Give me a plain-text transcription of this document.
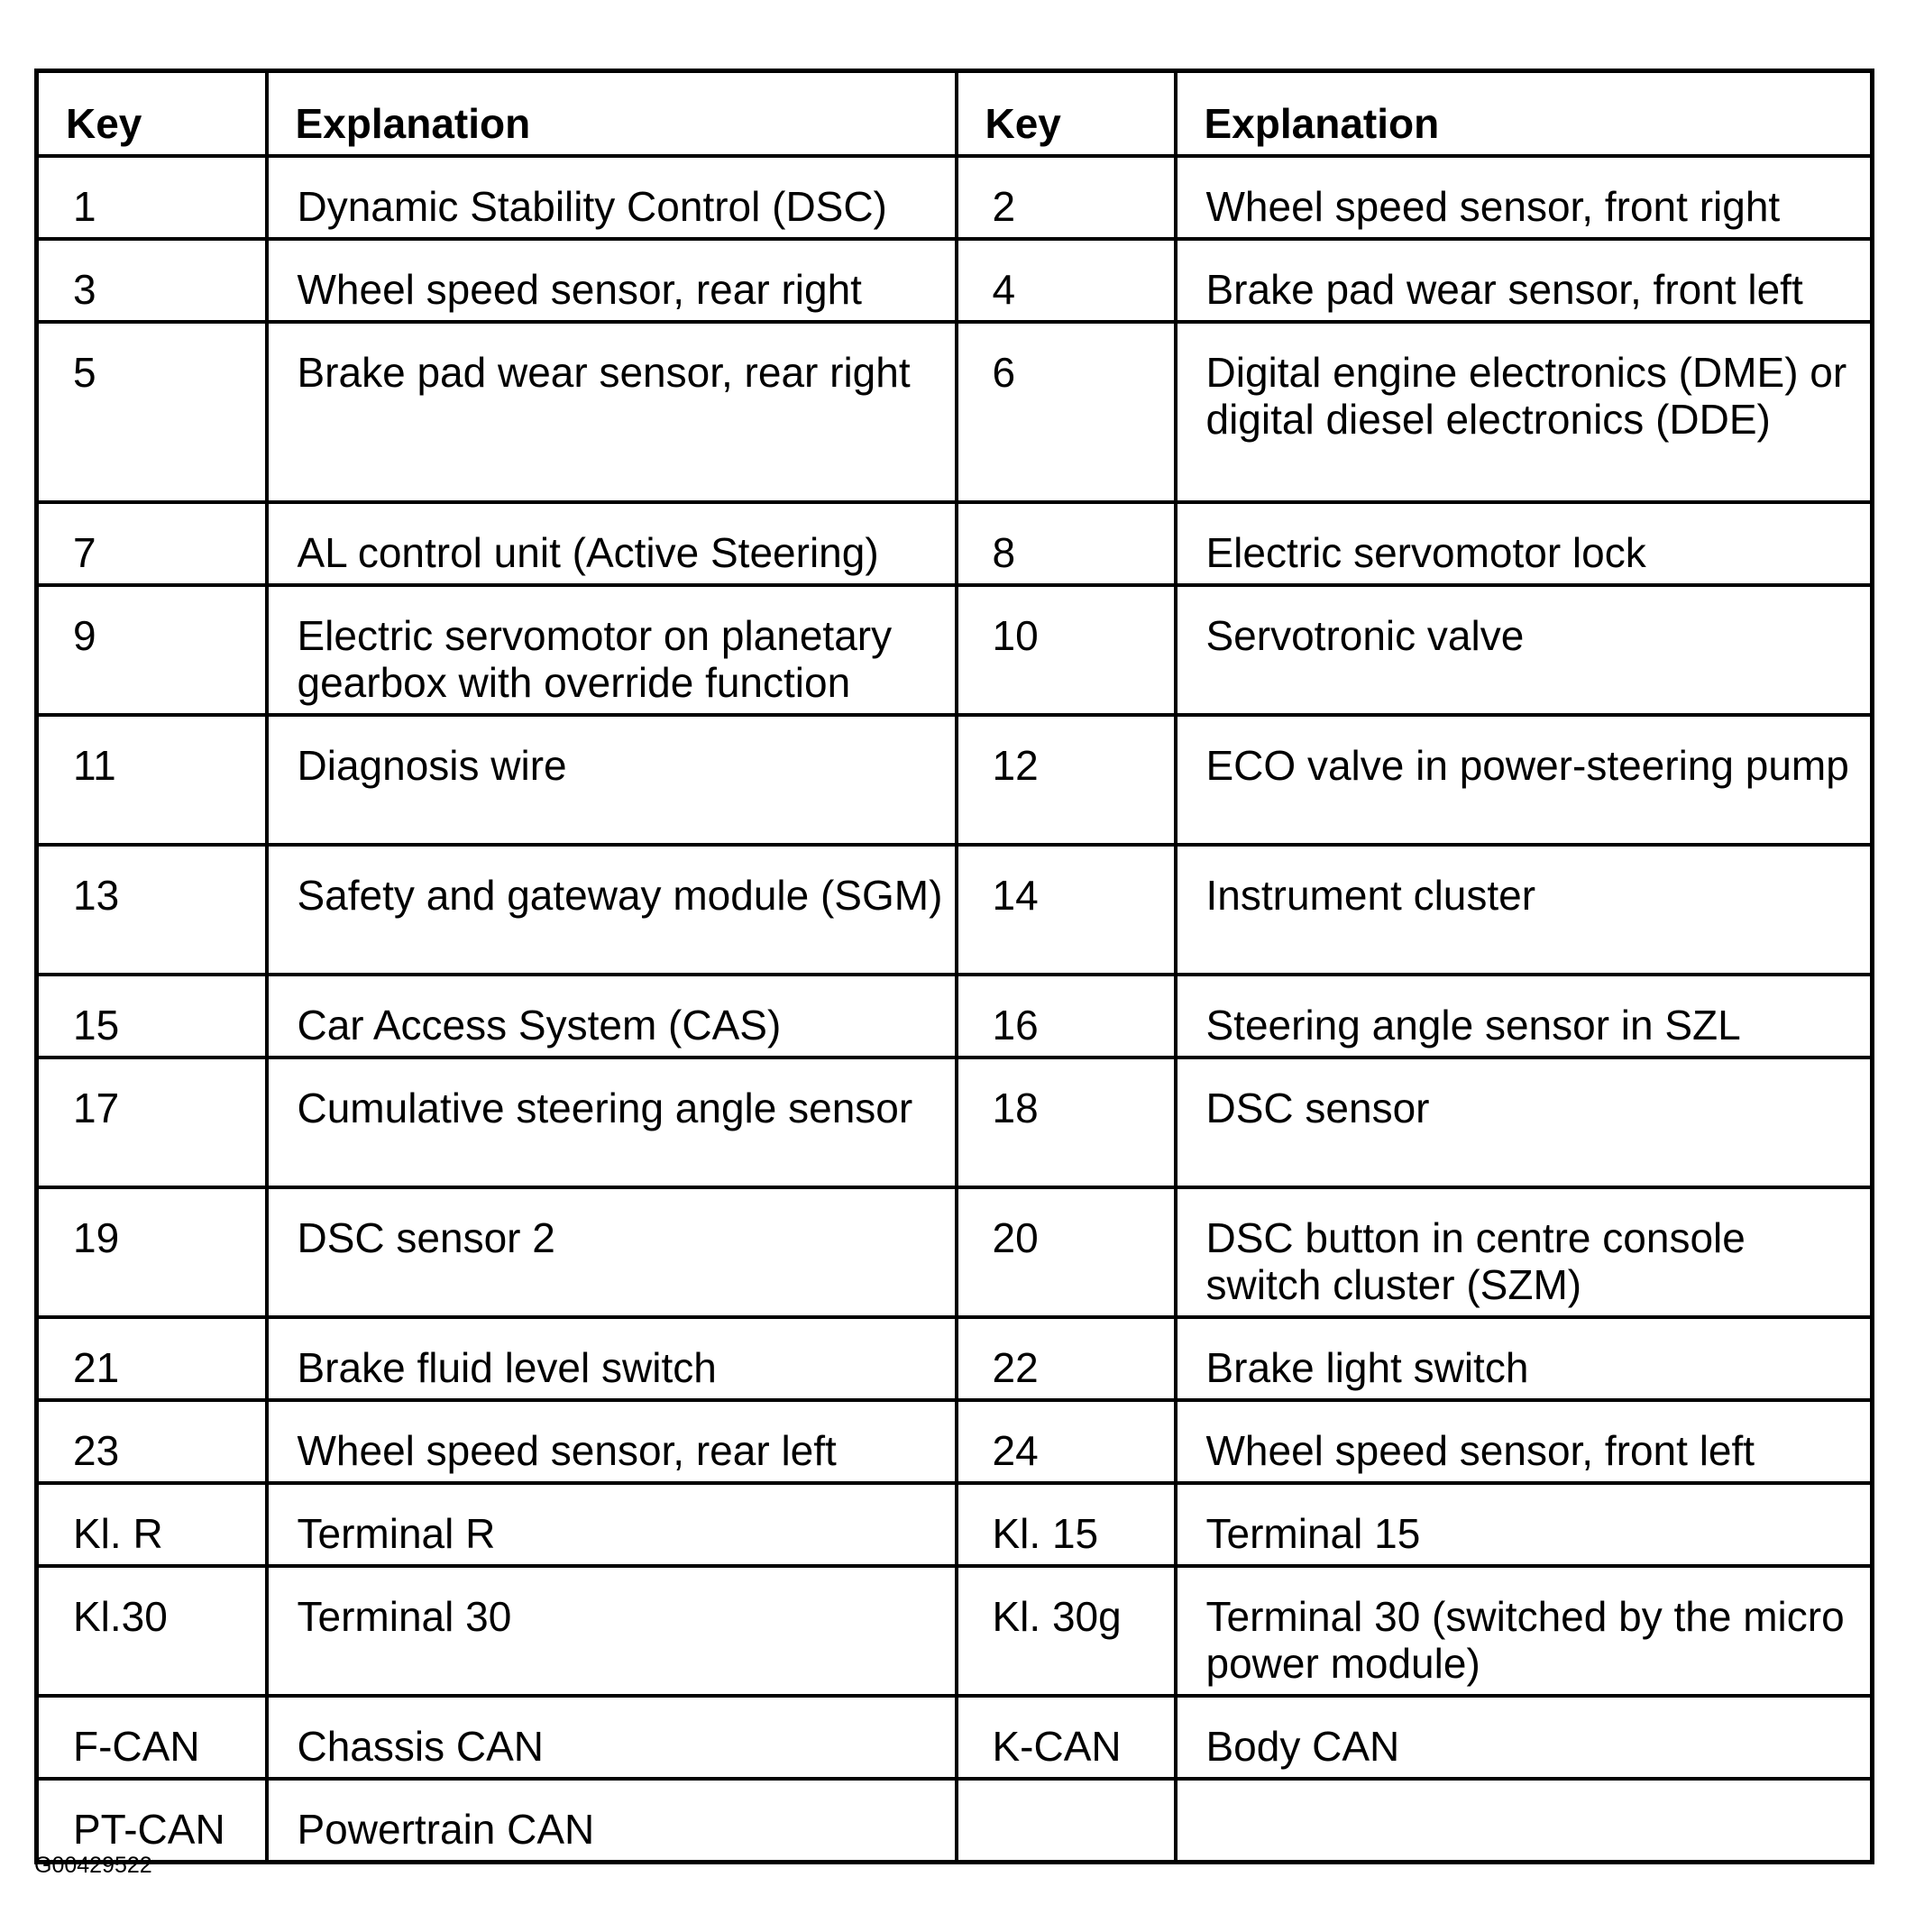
Key	Explanation	Key	Explanation
1	Dynamic Stability Control (DSC)	2	Wheel speed sensor, front right
3	Wheel speed sensor, rear right	4	Brake pad wear sensor, front left
5	Brake pad wear sensor, rear right	6	Digital engine electronics (DME) or digital diesel electronics (DDE)
7	AL control unit (Active Steering)	8	Electric servomotor lock
9	Electric servomotor on planetary gearbox with override function	10	Servotronic valve
11	Diagnosis wire	12	ECO valve in power-steering pump
13	Safety and gateway module (SGM)	14	Instrument cluster
15	Car Access System (CAS)	16	Steering angle sensor in SZL
17	Cumulative steering angle sensor	18	DSC sensor
19	DSC sensor 2	20	DSC button in centre console switch cluster (SZM)
21	Brake fluid level switch	22	Brake light switch
23	Wheel speed sensor, rear left	24	Wheel speed sensor, front left
Kl. R	Terminal R	Kl. 15	Terminal 15
Kl.30	Terminal 30	Kl. 30g	Terminal 30 (switched by the micro power module)
F-CAN	Chassis CAN	K-CAN	Body CAN
PT-CAN	Powertrain CAN		
G00429522
